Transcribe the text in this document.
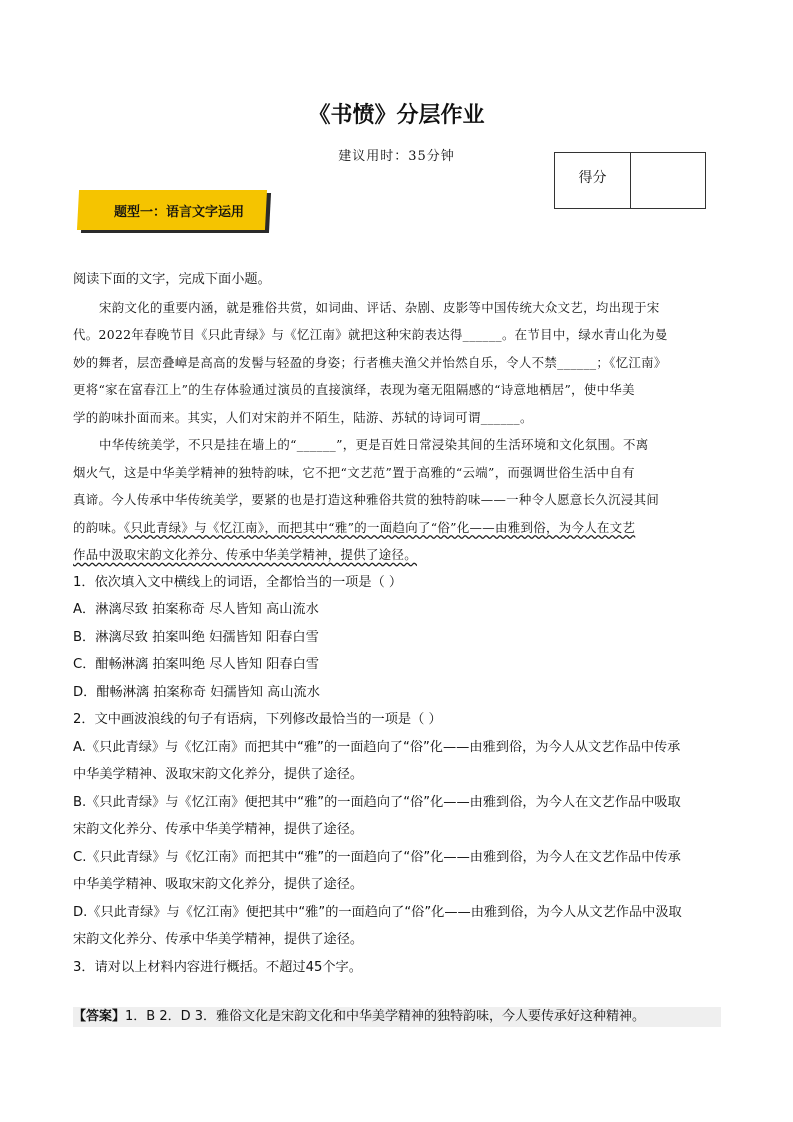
《书愤》分层作业
建议用时：35分钟
得分
题型一：语言文字运用
阅读下面的文字，完成下面小题。
宋韵文化的重要内涵，就是雅俗共赏，如词曲、评话、杂剧、皮影等中国传统大众文艺，均出现于宋
代。2022年春晚节目《只此青绿》与《忆江南》就把这种宋韵表达得______。在节目中，绿水青山化为曼
妙的舞者，层峦叠嶂是高高的发髻与轻盈的身姿；行者樵夫渔父并怡然自乐，令人不禁______；《忆江南》
更将“家在富春江上”的生存体验通过演员的直接演绎，表现为毫无阻隔感的“诗意地栖居”，使中华美
学的韵味扑面而来。其实，人们对宋韵并不陌生，陆游、苏轼的诗词可谓______。
中华传统美学，不只是挂在墙上的“______”，更是百姓日常浸染其间的生活环境和文化氛围。不离
烟火气，这是中华美学精神的独特韵味，它不把“文艺范”置于高雅的“云端”，而强调世俗生活中自有
真谛。今人传承中华传统美学，要紧的也是打造这种雅俗共赏的独特韵味——一种令人愿意长久沉浸其间
的韵味。《只此青绿》与《忆江南》，而把其中“雅”的一面趋向了“俗”化——由雅到俗，为今人在文艺
作品中汲取宋韵文化养分、传承中华美学精神，提供了途径。
1．依次填入文中横线上的词语，全都恰当的一项是（ ）
A．淋漓尽致 拍案称奇 尽人皆知 高山流水
B．淋漓尽致 拍案叫绝 妇孺皆知 阳春白雪
C．酣畅淋漓 拍案叫绝 尽人皆知 阳春白雪
D．酣畅淋漓 拍案称奇 妇孺皆知 高山流水
2．文中画波浪线的句子有语病，下列修改最恰当的一项是（ ）
A.《只此青绿》与《忆江南》而把其中“雅”的一面趋向了“俗”化——由雅到俗，为今人从文艺作品中传承
中华美学精神、汲取宋韵文化养分，提供了途径。
B.《只此青绿》与《忆江南》便把其中“雅”的一面趋向了“俗”化——由雅到俗，为今人在文艺作品中吸取
宋韵文化养分、传承中华美学精神，提供了途径。
C.《只此青绿》与《忆江南》而把其中“雅”的一面趋向了“俗”化——由雅到俗，为今人在文艺作品中传承
中华美学精神、吸取宋韵文化养分，提供了途径。
D.《只此青绿》与《忆江南》便把其中“雅”的一面趋向了“俗”化——由雅到俗，为今人从文艺作品中汲取
宋韵文化养分、传承中华美学精神，提供了途径。
3．请对以上材料内容进行概括。不超过45个字。
【答案】1．B 2．D 3．雅俗文化是宋韵文化和中华美学精神的独特韵味，今人要传承好这种精神。
